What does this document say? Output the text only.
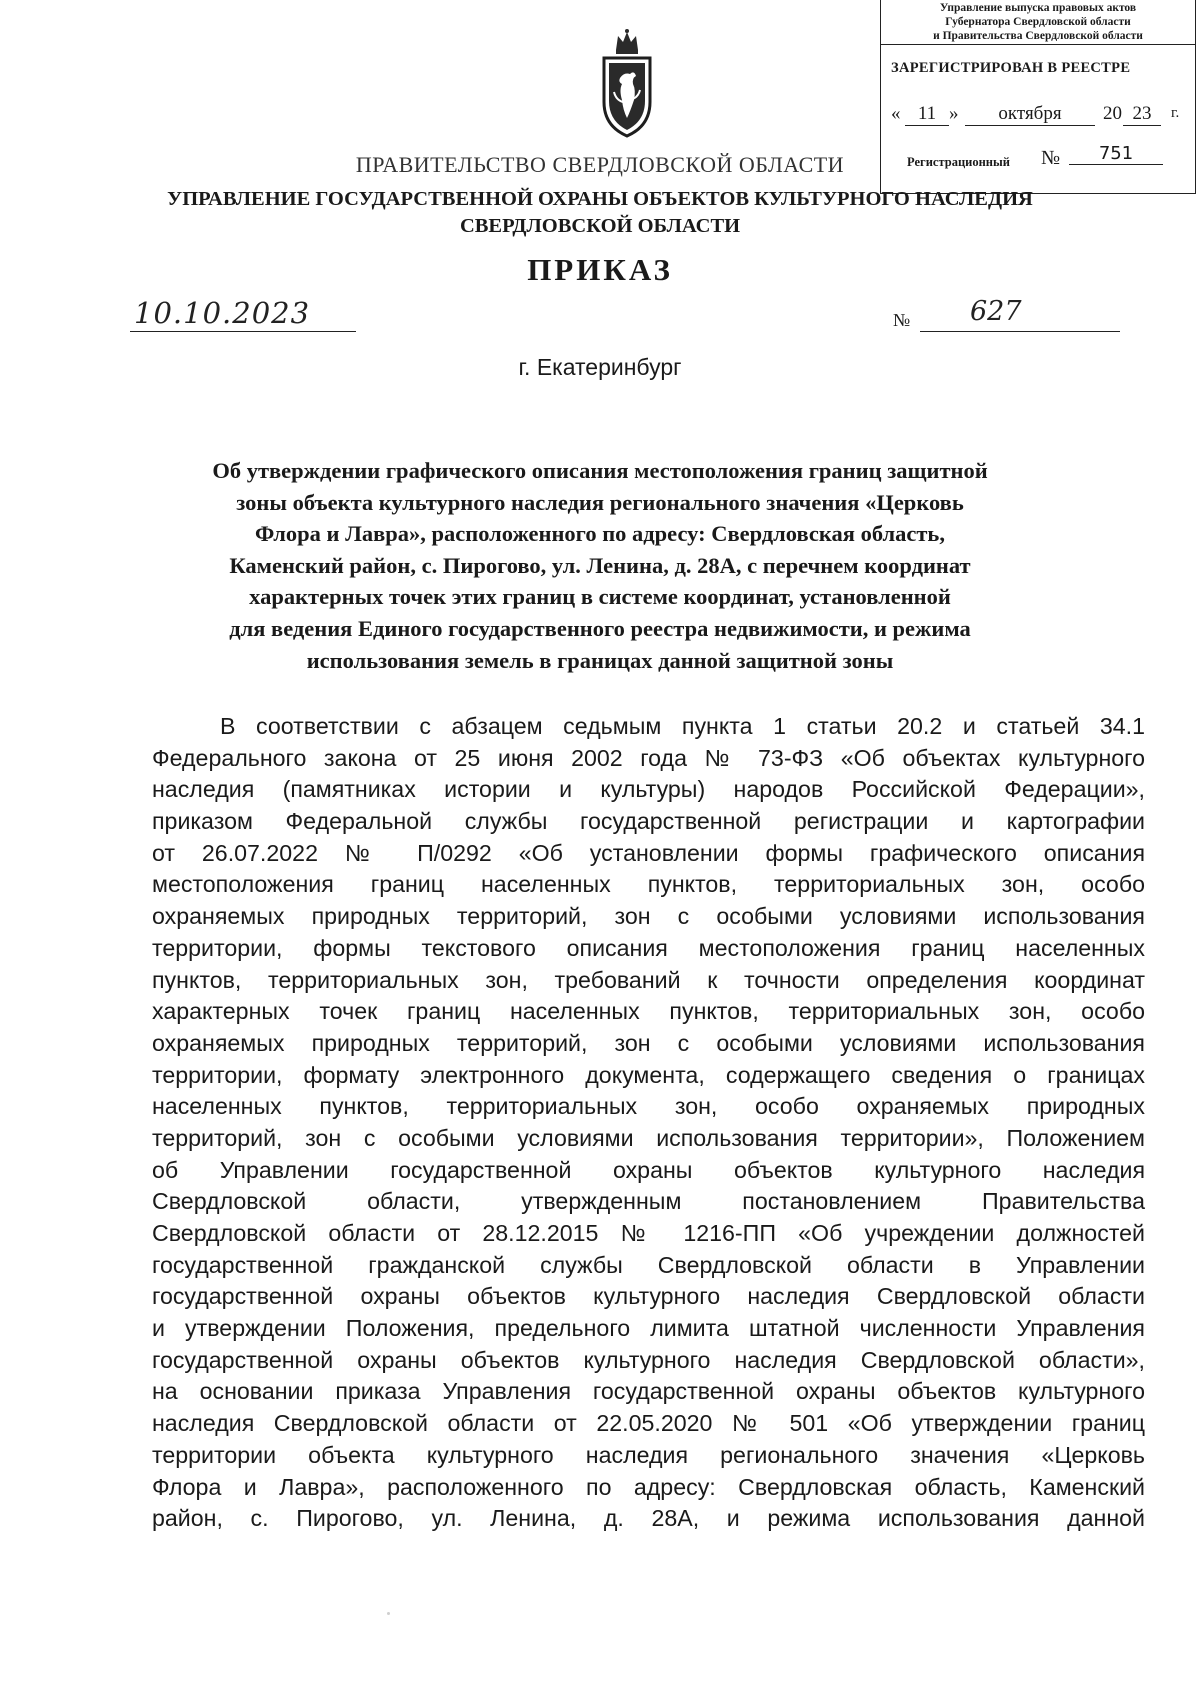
Управление выпуска правовых актов
Губернатора Свердловской области
и Правительства Свердловской области
ЗАРЕГИСТРИРОВАН В РЕЕСТРЕ
« 11 »	октября	20 23	г.
Регистрационный №	751
ПРАВИТЕЛЬСТВО СВЕРДЛОВСКОЙ ОБЛАСТИ
УПРАВЛЕНИЕ ГОСУДАРСТВЕННОЙ ОХРАНЫ ОБЪЕКТОВ КУЛЬТУРНОГО НАСЛЕДИЯ
СВЕРДЛОВСКОЙ ОБЛАСТИ
ПРИКАЗ
10.10.2023	№	627
г. Екатеринбург
Об утверждении графического описания местоположения границ защитной
зоны объекта культурного наследия регионального значения «Церковь
Флора и Лавра», расположенного по адресу: Свердловская область,
Каменский район, с. Пирогово, ул. Ленина, д. 28А, с перечнем координат
характерных точек этих границ в системе координат, установленной
для ведения Единого государственного реестра недвижимости, и режима
использования земель в границах данной защитной зоны
В соответствии с абзацем седьмым пункта 1 статьи 20.2 и статьей 34.1
Федерального закона от 25 июня 2002 года № 73-ФЗ «Об объектах культурного
наследия (памятниках истории и культуры) народов Российской Федерации»,
приказом Федеральной службы государственной регистрации и картографии
от 26.07.2022 № П/0292 «Об установлении формы графического описания
местоположения границ населенных пунктов, территориальных зон, особо
охраняемых природных территорий, зон с особыми условиями использования
территории, формы текстового описания местоположения границ населенных
пунктов, территориальных зон, требований к точности определения координат
характерных точек границ населенных пунктов, территориальных зон, особо
охраняемых природных территорий, зон с особыми условиями использования
территории, формату электронного документа, содержащего сведения о границах
населенных пунктов, территориальных зон, особо охраняемых природных
территорий, зон с особыми условиями использования территории», Положением
об Управлении государственной охраны объектов культурного наследия
Свердловской области, утвержденным постановлением Правительства
Свердловской области от 28.12.2015 № 1216-ПП «Об учреждении должностей
государственной гражданской службы Свердловской области в Управлении
государственной охраны объектов культурного наследия Свердловской области
и утверждении Положения, предельного лимита штатной численности Управления
государственной охраны объектов культурного наследия Свердловской области»,
на основании приказа Управления государственной охраны объектов культурного
наследия Свердловской области от 22.05.2020 № 501 «Об утверждении границ
территории объекта культурного наследия регионального значения «Церковь
Флора и Лавра», расположенного по адресу: Свердловская область, Каменский
район, с. Пирогово, ул. Ленина, д. 28А, и режима использования данной
